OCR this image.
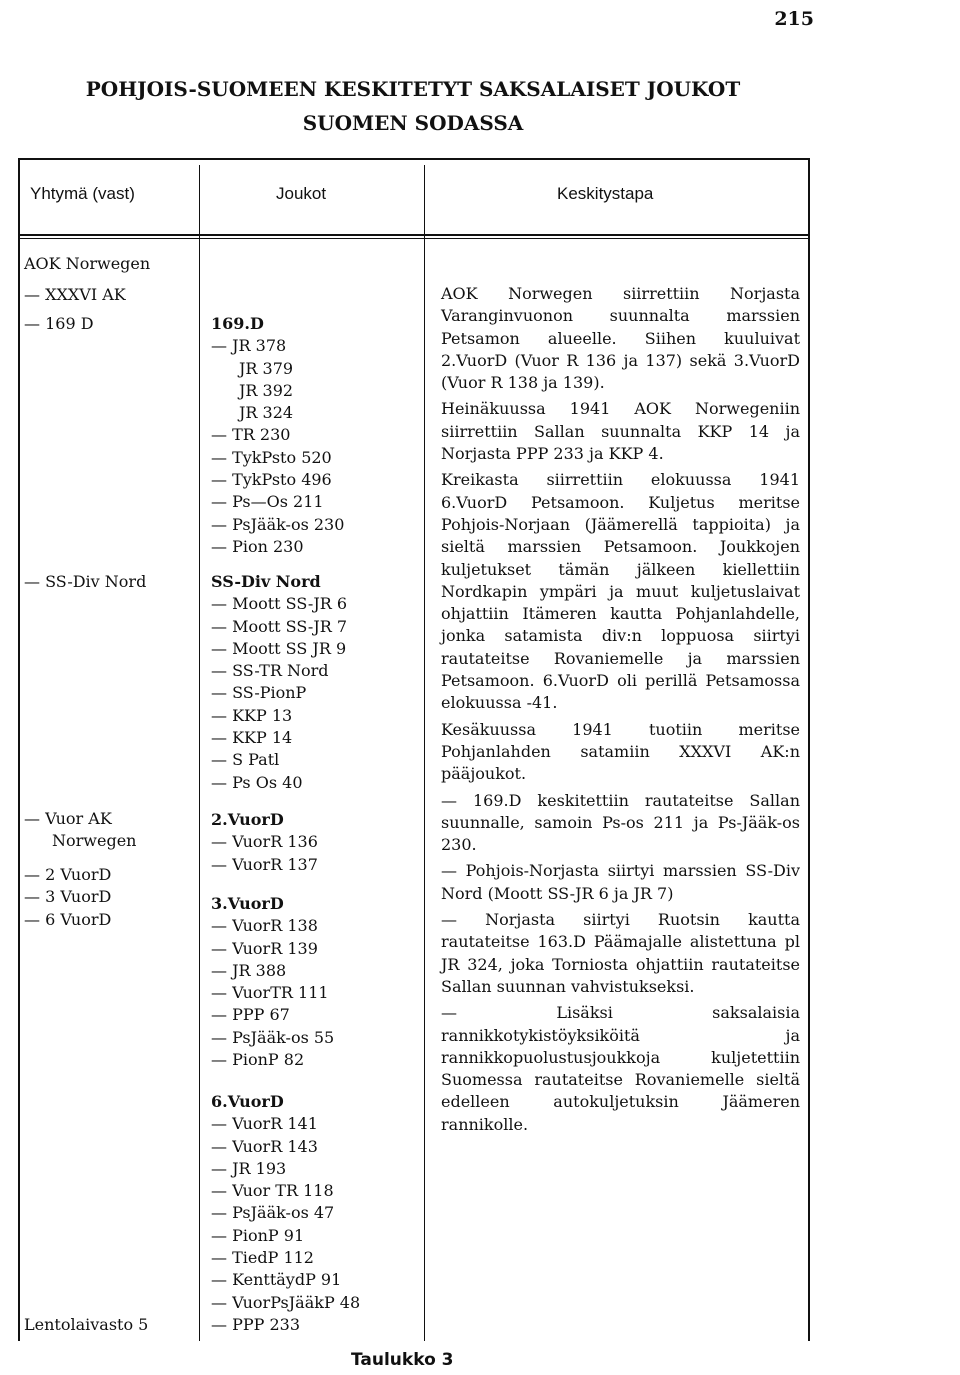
215
POHJOIS-SUOMEEN KESKITETYT SAKSALAISET JOUKOT
SUOMEN SODASSA
Yhtymä (vast)	Joukot	Keskitystapa
AOK Norwegen
— XXXVI AK
— 169 D
— SS-Div Nord
— Vuor AK
Norwegen
— 2 VuorD
— 3 VuorD
— 6 VuorD
Lentolaivasto 5
169.D
— JR 378
JR 379
JR 392
JR 324
— TR 230
— TykPsto 520
— TykPsto 496
— Ps—Os 211
— PsJääk-os 230
— Pion 230
SS-Div Nord
— Moott SS-JR 6
— Moott SS-JR 7
— Moott SS JR 9
— SS-TR Nord
— SS-PionP
— KKP 13
— KKP 14
— S Patl
— Ps Os 40
2.VuorD
— VuorR 136
— VuorR 137
3.VuorD
— VuorR 138
— VuorR 139
— JR 388
— VuorTR 111
— PPP 67
— PsJääk-os 55
— PionP 82
6.VuorD
— VuorR 141
— VuorR 143
— JR 193
— Vuor TR 118
— PsJääk-os 47
— PionP 91
— TiedP 112
— KenttäydP 91
— VuorPsJääkP 48
— PPP 233

AOK Norwegen siirrettiin Norjasta Varanginvuonon suunnalta marssien Petsamon alueelle. Siihen kuuluivat 2.VuorD (Vuor R 136 ja 137) sekä 3.VuorD (Vuor R 138 ja 139).

Heinäkuussa 1941 AOK Norwegeniin siirrettiin Sallan suunnalta KKP 14 ja Norjasta PPP 233 ja KKP 4.

Kreikasta siirrettiin elokuussa 1941 6.VuorD Petsamoon. Kuljetus meritse Pohjois-Norjaan (Jäämerellä tappioita) ja sieltä marssien Petsamoon. Joukkojen kuljetukset tämän jälkeen kiellettiin Nordkapin ympäri ja muut kuljetuslaivat ohjattiin Itämeren kautta Pohjanlahdelle, jonka satamista div:n loppuosa siirtyi rautateitse Rovaniemelle ja marssien Petsamoon. 6.VuorD oli perillä Petsamossa elokuussa -41.

Kesäkuussa 1941 tuotiin meritse Pohjanlahden satamiin XXXVI AK:n pääjoukot.

— 169.D keskitettiin rautateitse Sallan suunnalle, samoin Ps-os 211 ja Ps-Jääk-os 230.

— Pohjois-Norjasta siirtyi marssien SS-Div Nord (Moott SS-JR 6 ja JR 7)

— Norjasta siirtyi Ruotsin kautta rautateitse 163.D Päämajalle alistettuna pl JR 324, joka Torniosta ohjattiin rautateitse Sallan suunnan vahvistukseksi.

— Lisäksi saksalaisia rannikkotykistöyksiköitä ja rannikkopuolustusjoukkoja kuljetettiin Suomessa rautateitse Rovaniemelle sieltä edelleen autokuljetuksin Jäämeren rannikolle.

Taulukko 3
